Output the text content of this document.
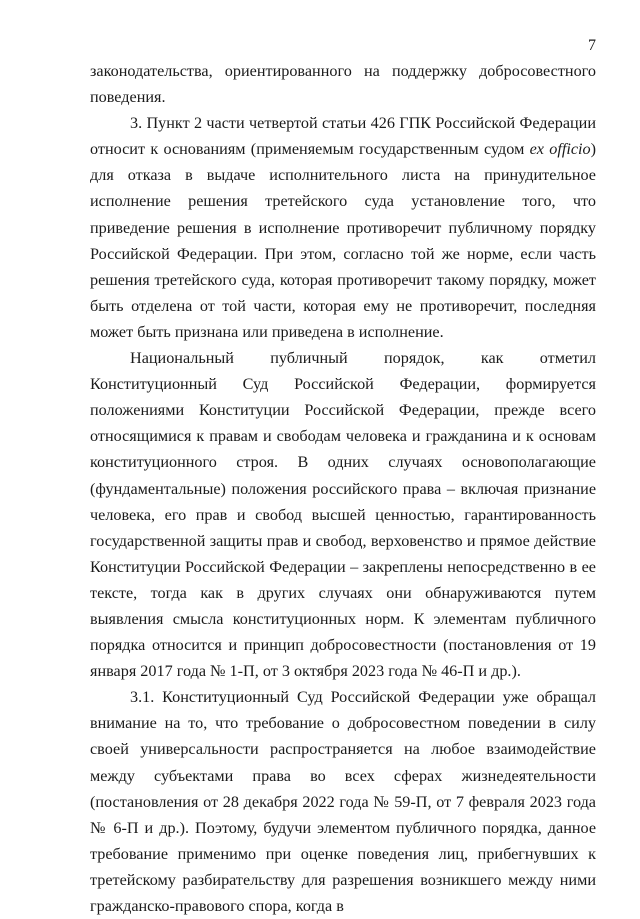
7

законодательства, ориентированного на поддержку добросовестного поведения.

3. Пункт 2 части четвертой статьи 426 ГПК Российской Федерации относит к основаниям (применяемым государственным судом ex officio) для отказа в выдаче исполнительного листа на принудительное исполнение решения третейского суда установление того, что приведение решения в исполнение противоречит публичному порядку Российской Федерации. При этом, согласно той же норме, если часть решения третейского суда, которая противоречит такому порядку, может быть отделена от той части, которая ему не противоречит, последняя может быть признана или приведена в исполнение.

Национальный публичный порядок, как отметил Конституционный Суд Российской Федерации, формируется положениями Конституции Российской Федерации, прежде всего относящимися к правам и свободам человека и гражданина и к основам конституционного строя. В одних случаях основополагающие (фундаментальные) положения российского права – включая признание человека, его прав и свобод высшей ценностью, гарантированность государственной защиты прав и свобод, верховенство и прямое действие Конституции Российской Федерации – закреплены непосредственно в ее тексте, тогда как в других случаях они обнаруживаются путем выявления смысла конституционных норм. К элементам публичного порядка относится и принцип добросовестности (постановления от 19 января 2017 года № 1-П, от 3 октября 2023 года № 46-П и др.).

3.1. Конституционный Суд Российской Федерации уже обращал внимание на то, что требование о добросовестном поведении в силу своей универсальности распространяется на любое взаимодействие между субъектами права во всех сферах жизнедеятельности (постановления от 28 декабря 2022 года № 59-П, от 7 февраля 2023 года № 6-П и др.). Поэтому, будучи элементом публичного порядка, данное требование применимо при оценке поведения лиц, прибегнувших к третейскому разбирательству для разрешения возникшего между ними гражданско-правового спора, когда в
